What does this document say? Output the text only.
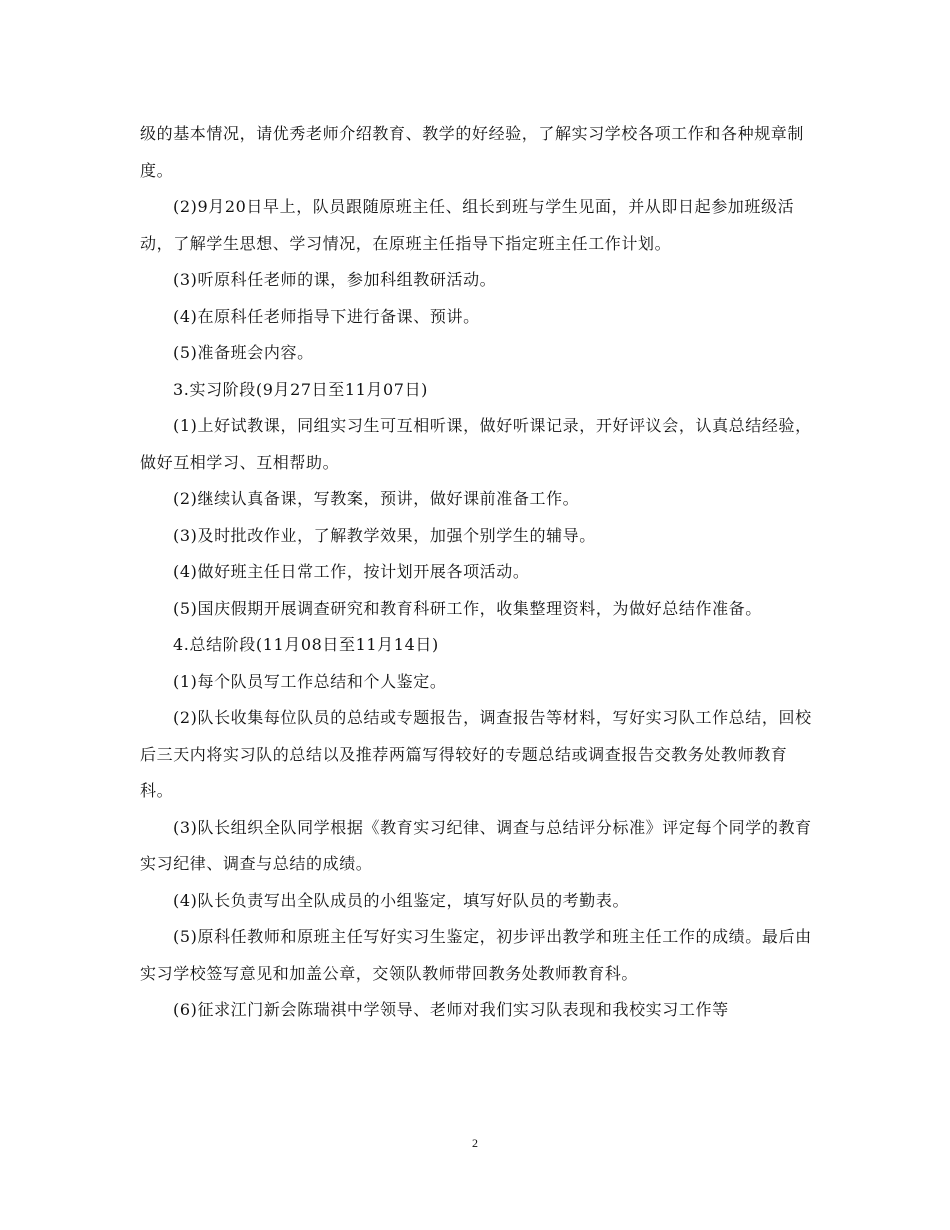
级的基本情况，请优秀老师介绍教育、教学的好经验，了解实习学校各项工作和各种规章制度。

(2)9月20日早上，队员跟随原班主任、组长到班与学生见面，并从即日起参加班级活动，了解学生思想、学习情况，在原班主任指导下指定班主任工作计划。

(3)听原科任老师的课，参加科组教研活动。

(4)在原科任老师指导下进行备课、预讲。

(5)准备班会内容。

3.实习阶段(9月27日至11月07日)

(1)上好试教课，同组实习生可互相听课，做好听课记录，开好评议会，认真总结经验，做好互相学习、互相帮助。

(2)继续认真备课，写教案，预讲，做好课前准备工作。

(3)及时批改作业，了解教学效果，加强个别学生的辅导。

(4)做好班主任日常工作，按计划开展各项活动。

(5)国庆假期开展调查研究和教育科研工作，收集整理资料，为做好总结作准备。

4.总结阶段(11月08日至11月14日)

(1)每个队员写工作总结和个人鉴定。

(2)队长收集每位队员的总结或专题报告，调查报告等材料，写好实习队工作总结，回校后三天内将实习队的总结以及推荐两篇写得较好的专题总结或调查报告交教务处教师教育科。

(3)队长组织全队同学根据《教育实习纪律、调查与总结评分标准》评定每个同学的教育实习纪律、调查与总结的成绩。

(4)队长负责写出全队成员的小组鉴定，填写好队员的考勤表。

(5)原科任教师和原班主任写好实习生鉴定，初步评出教学和班主任工作的成绩。最后由实习学校签写意见和加盖公章，交领队教师带回教务处教师教育科。

(6)征求江门新会陈瑞祺中学领导、老师对我们实习队表现和我校实习工作等

2
